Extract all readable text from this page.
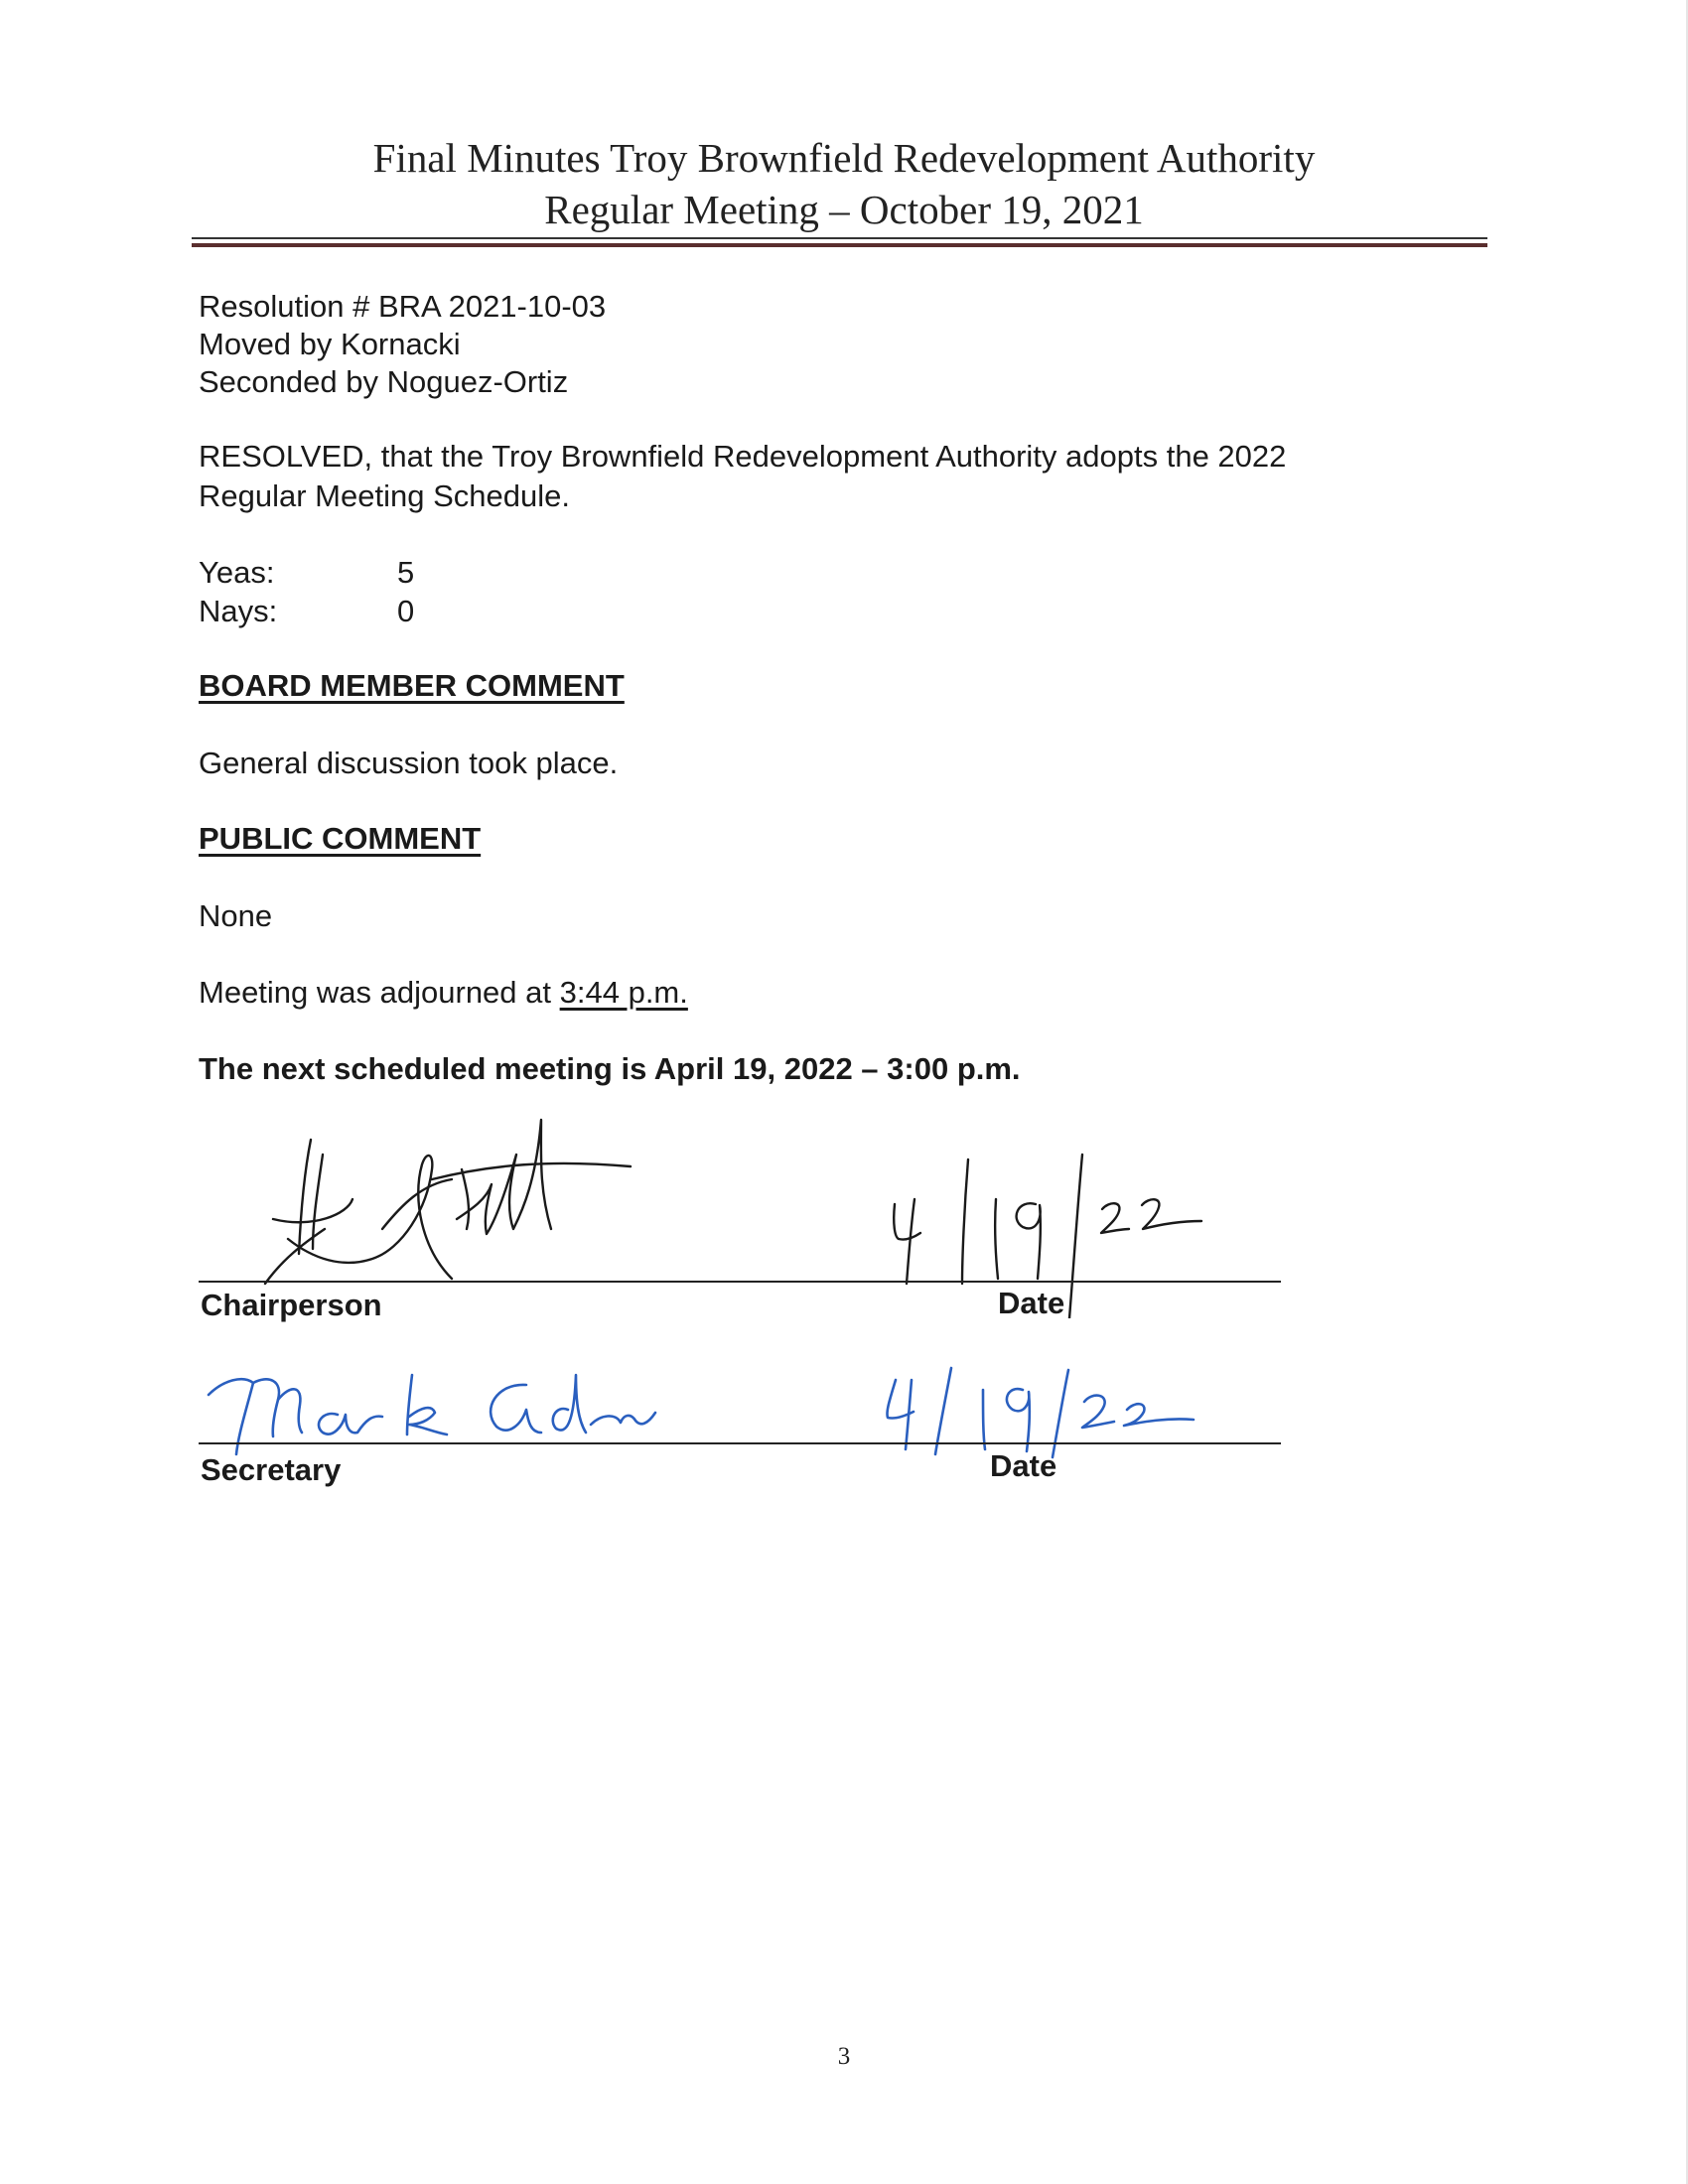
Final Minutes Troy Brownfield Redevelopment Authority
Regular Meeting – October 19, 2021
Resolution # BRA 2021-10-03
Moved by Kornacki
Seconded by Noguez-Ortiz
RESOLVED, that the Troy Brownfield Redevelopment Authority adopts the 2022
Regular Meeting Schedule.
Yeas:	5
Nays:	0
BOARD MEMBER COMMENT
General discussion took place.
PUBLIC COMMENT
None
Meeting was adjourned at 3:44 p.m.
The next scheduled meeting is April 19, 2022 – 3:00 p.m.
Chairperson	Date
Secretary	Date
3
